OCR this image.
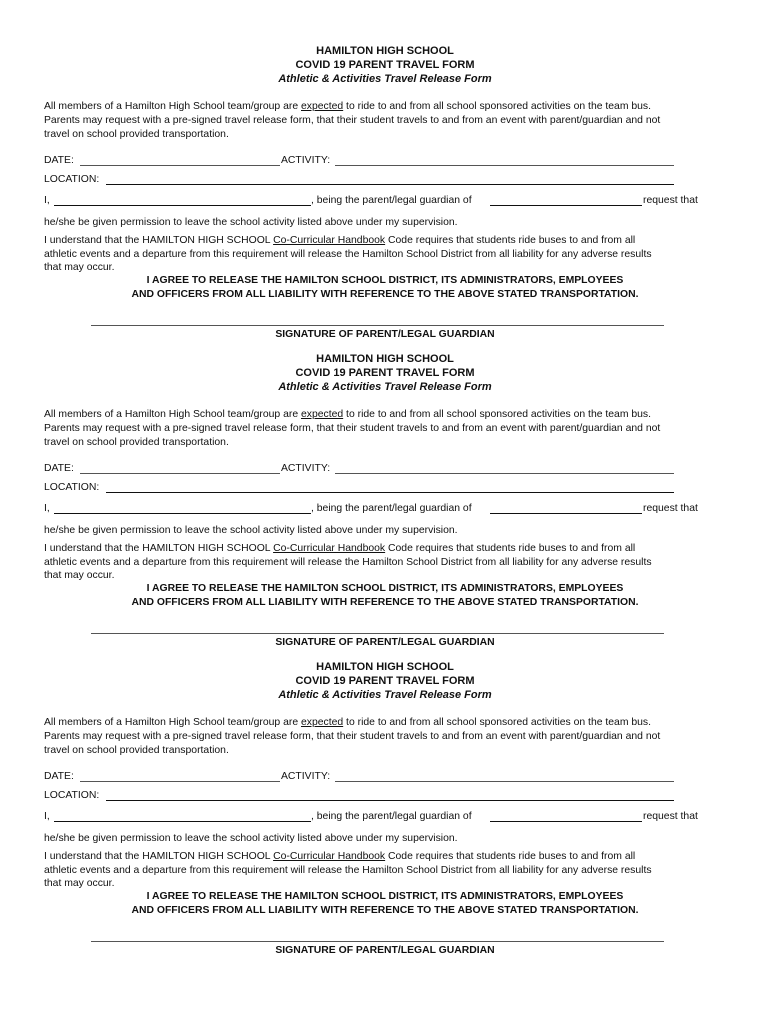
HAMILTON HIGH SCHOOL
COVID 19 PARENT TRAVEL FORM
Athletic & Activities Travel Release Form
All members of a Hamilton High School team/group are expected to ride to and from all school sponsored activities on the team bus.
Parents may request with a pre-signed travel release form, that their student travels to and from an event with parent/guardian and not
travel on school provided transportation.
DATE:	ACTIVITY:
LOCATION:
I,	, being the parent/legal guardian of	request that
he/she be given permission to leave the school activity listed above under my supervision.
I understand that the HAMILTON HIGH SCHOOL Co-Curricular Handbook Code requires that students ride buses to and from all
athletic events and a departure from this requirement will release the Hamilton School District from all liability for any adverse results
that may occur.
I AGREE TO RELEASE THE HAMILTON SCHOOL DISTRICT, ITS ADMINISTRATORS, EMPLOYEES
AND OFFICERS FROM ALL LIABILITY WITH REFERENCE TO THE ABOVE STATED TRANSPORTATION.
SIGNATURE OF PARENT/LEGAL GUARDIAN
HAMILTON HIGH SCHOOL
COVID 19 PARENT TRAVEL FORM
Athletic & Activities Travel Release Form
All members of a Hamilton High School team/group are expected to ride to and from all school sponsored activities on the team bus.
Parents may request with a pre-signed travel release form, that their student travels to and from an event with parent/guardian and not
travel on school provided transportation.
DATE:	ACTIVITY:
LOCATION:
I,	, being the parent/legal guardian of	request that
he/she be given permission to leave the school activity listed above under my supervision.
I understand that the HAMILTON HIGH SCHOOL Co-Curricular Handbook Code requires that students ride buses to and from all
athletic events and a departure from this requirement will release the Hamilton School District from all liability for any adverse results
that may occur.
I AGREE TO RELEASE THE HAMILTON SCHOOL DISTRICT, ITS ADMINISTRATORS, EMPLOYEES
AND OFFICERS FROM ALL LIABILITY WITH REFERENCE TO THE ABOVE STATED TRANSPORTATION.
SIGNATURE OF PARENT/LEGAL GUARDIAN
HAMILTON HIGH SCHOOL
COVID 19 PARENT TRAVEL FORM
Athletic & Activities Travel Release Form
All members of a Hamilton High School team/group are expected to ride to and from all school sponsored activities on the team bus.
Parents may request with a pre-signed travel release form, that their student travels to and from an event with parent/guardian and not
travel on school provided transportation.
DATE:	ACTIVITY:
LOCATION:
I,	, being the parent/legal guardian of	request that
he/she be given permission to leave the school activity listed above under my supervision.
I understand that the HAMILTON HIGH SCHOOL Co-Curricular Handbook Code requires that students ride buses to and from all
athletic events and a departure from this requirement will release the Hamilton School District from all liability for any adverse results
that may occur.
I AGREE TO RELEASE THE HAMILTON SCHOOL DISTRICT, ITS ADMINISTRATORS, EMPLOYEES
AND OFFICERS FROM ALL LIABILITY WITH REFERENCE TO THE ABOVE STATED TRANSPORTATION.
SIGNATURE OF PARENT/LEGAL GUARDIAN
